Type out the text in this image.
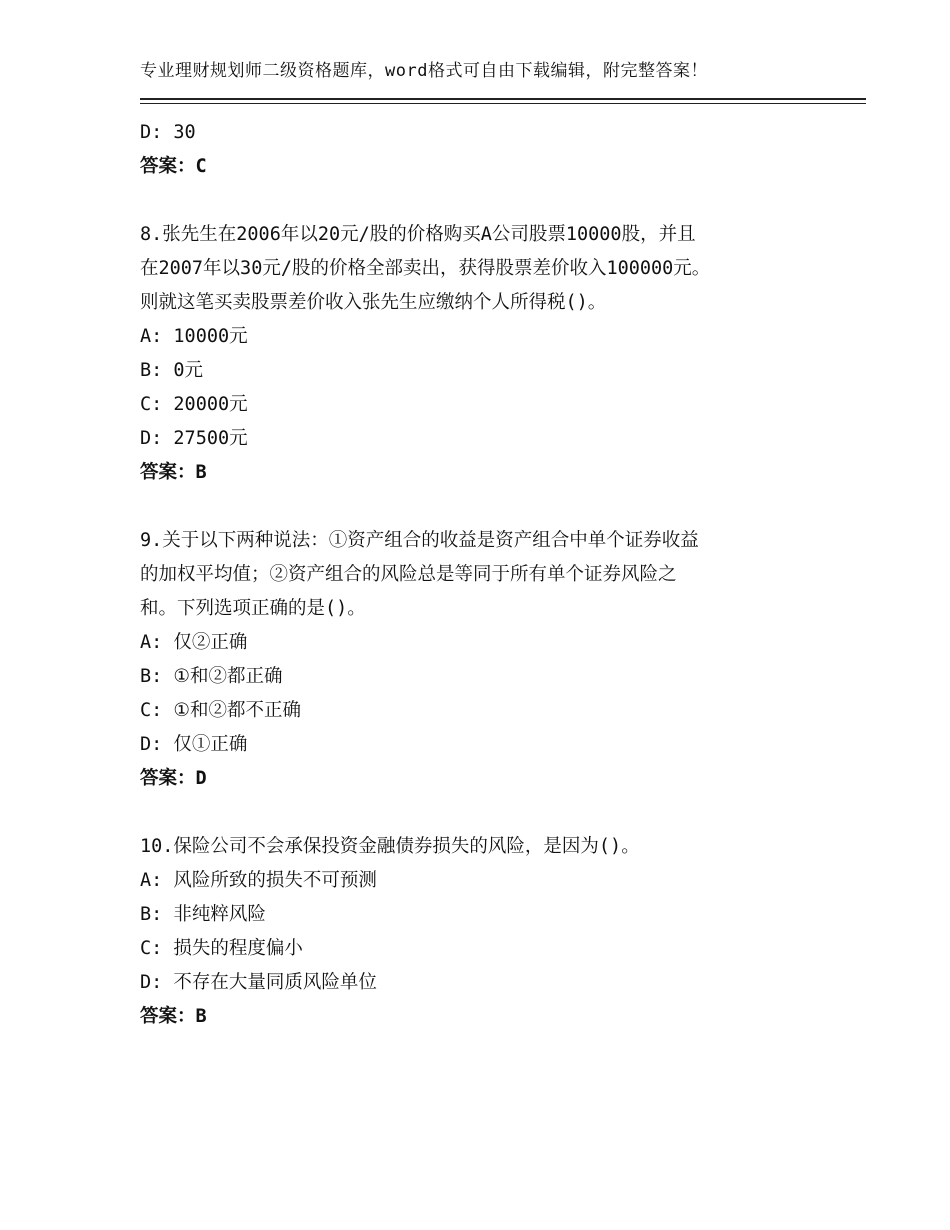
专业理财规划师二级资格题库，word格式可自由下载编辑，附完整答案！
D: 30
答案：C
8.张先生在2006年以20元/股的价格购买A公司股票10000股，并且
在2007年以30元/股的价格全部卖出，获得股票差价收入100000元。
则就这笔买卖股票差价收入张先生应缴纳个人所得税()。
A: 10000元
B: 0元
C: 20000元
D: 27500元
答案：B
9.关于以下两种说法：①资产组合的收益是资产组合中单个证券收益
的加权平均值；②资产组合的风险总是等同于所有单个证券风险之
和。下列选项正确的是()。
A: 仅②正确
B: ①和②都正确
C: ①和②都不正确
D: 仅①正确
答案：D
10.保险公司不会承保投资金融债券损失的风险，是因为()。
A: 风险所致的损失不可预测
B: 非纯粹风险
C: 损失的程度偏小
D: 不存在大量同质风险单位
答案：B
